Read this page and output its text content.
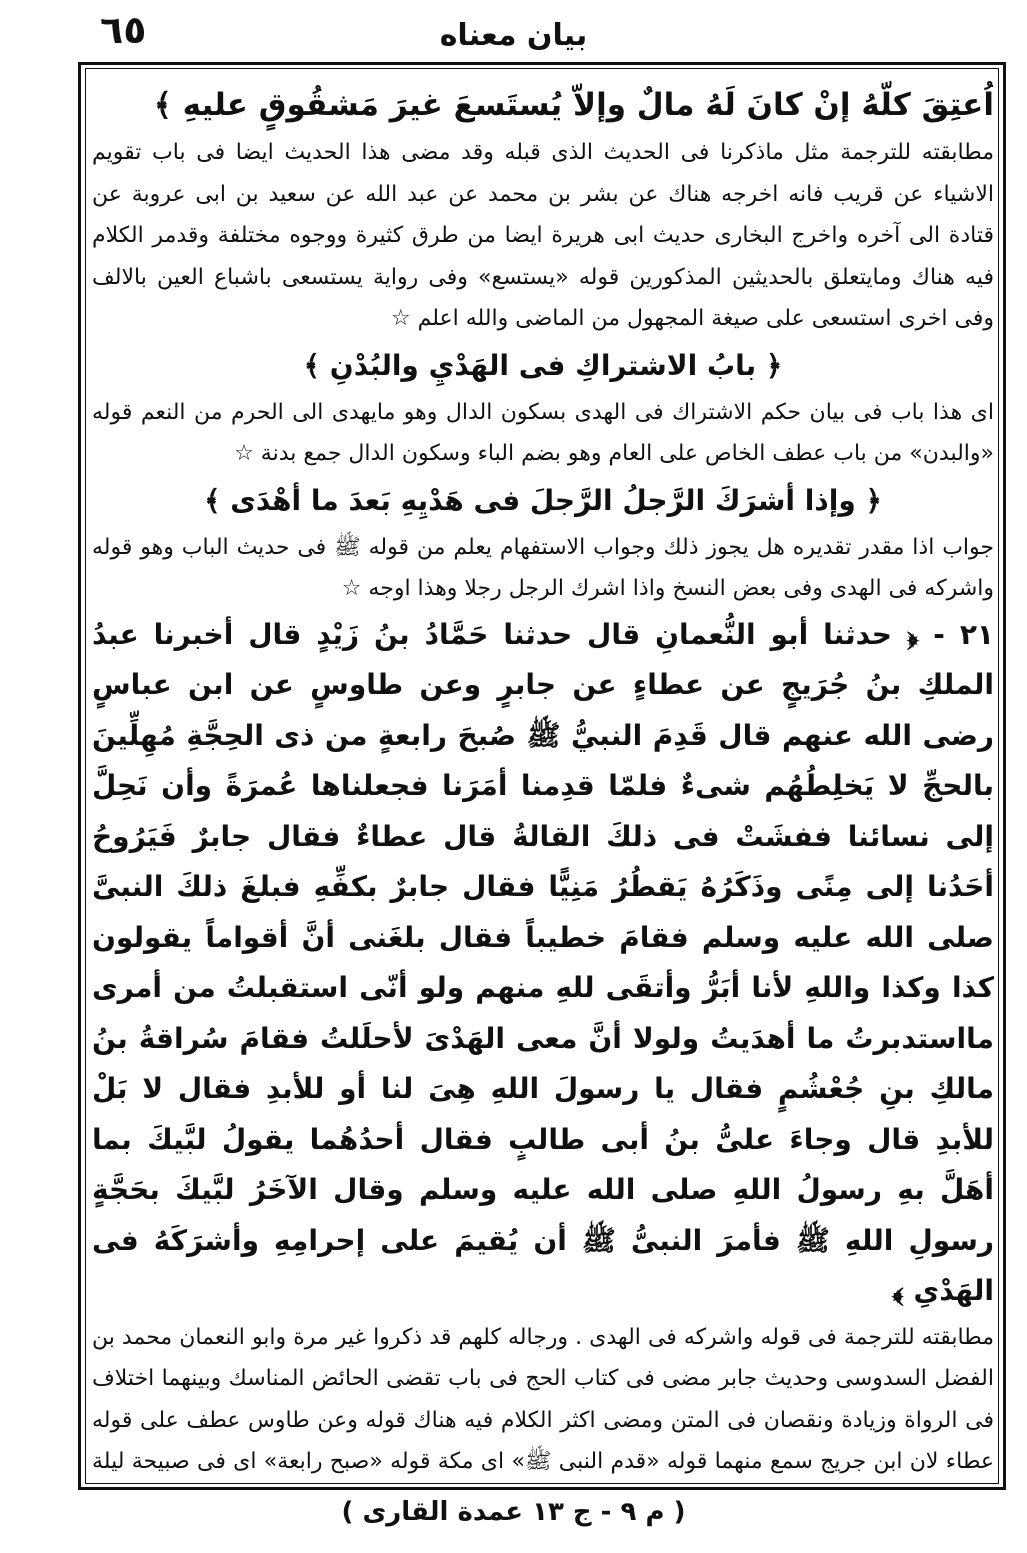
٦٥	بيان معناه

اُعتِقَ كلّهُ إنْ كانَ لَهُ مالٌ وإلاّ يُستَسعَ غيرَ مَشقُوقٍ عليهِ ﴾

مطابقته للترجمة مثل ماذكرنا فى الحديث الذى قبله وقد مضى هذا الحديث ايضا فى باب تقويم الاشياء عن قريب فانه اخرجه هناك عن بشر بن محمد عن عبد الله عن سعيد بن ابى عروبة عن قتادة الى آخره واخرج البخارى حديث ابى هريرة ايضا من طرق كثيرة ووجوه مختلفة وقدمر الكلام فيه هناك ومايتعلق بالحديثين المذكورين قوله «يستسع» وفى رواية يستسعى باشباع العين بالالف وفى اخرى استسعى على صيغة المجهول من الماضى والله اعلم ☆

﴿ بابُ الاشتراكِ فى الهَدْيِ والبُدْنِ ﴾

اى هذا باب فى بيان حكم الاشتراك فى الهدى بسكون الدال وهو مايهدى الى الحرم من النعم قوله «والبدن» من باب عطف الخاص على العام وهو بضم الباء وسكون الدال جمع بدنة ☆

﴿ وإذا أشرَكَ الرَّجلُ الرَّجلَ فى هَدْيِهِ بَعدَ ما أهْدَى ﴾

جواب اذا مقدر تقديره هل يجوز ذلك وجواب الاستفهام يعلم من قوله ﷺ فى حديث الباب وهو قوله واشركه فى الهدى وفى بعض النسخ واذا اشرك الرجل رجلا وهذا اوجه ☆

٢١ - ﴿ حدثنا أبو النُّعمانِ قال حدثنا حَمَّادُ بنُ زَيْدٍ قال أخبرنا عبدُ الملكِ بنُ جُرَيجٍ عن عطاءٍ عن جابرٍ وعن طاوسٍ عن ابن عباسٍ رضى الله عنهم قال قَدِمَ النبيُّ ﷺ صُبحَ رابعةٍ من ذى الحِجَّةِ مُهِلِّينَ بالحجِّ لا يَخلِطُهُم شىءٌ فلمّا قدِمنا أمَرَنا فجعلناها عُمرَةً وأن نَحِلَّ إلى نسائنا ففشَتْ فى ذلكَ القالةُ قال عطاءٌ فقال جابرٌ فَيَرُوحُ أحَدُنا إلى مِنًى وذَكَرُهُ يَقطُرُ مَنِيًّا فقال جابرٌ بكفِّهِ فبلغَ ذلكَ النبىَّ صلى الله عليه وسلم فقامَ خطيباً فقال بلغَنى أنَّ أقواماً يقولون كذا وكذا واللهِ لأنا أبَرُّ وأتقَى للهِ منهم ولو أنّى استقبلتُ من أمرى مااستدبرتُ ما أهدَيتُ ولولا أنَّ معى الهَدْىَ لأحلَلتُ فقامَ سُراقةُ بنُ مالكِ بنِ جُعْشُمٍ فقال يا رسولَ اللهِ هِىَ لنا أو للأبدِ فقال لا بَلْ للأبدِ قال وجاءَ علىُّ بنُ أبى طالبٍ فقال أحدُهُما يقولُ لبَّيكَ بما أهَلَّ بهِ رسولُ اللهِ صلى الله عليه وسلم وقال الآخَرُ لبَّيكَ بحَجَّةٍ رسولِ اللهِ ﷺ فأمرَ النبىُّ ﷺ أن يُقيمَ على إحرامِهِ وأشرَكَهُ فى الهَدْىِ ﴾

مطابقته للترجمة فى قوله واشركه فى الهدى . ورجاله كلهم قد ذكروا غير مرة وابو النعمان محمد بن الفضل السدوسى وحديث جابر مضى فى كتاب الحج فى باب تقضى الحائض المناسك وبينهما اختلاف فى الرواة وزيادة ونقصان فى المتن ومضى اكثر الكلام فيه هناك قوله وعن طاوس عطف على قوله عطاء لان ابن جريج سمع منهما قوله «قدم النبى ﷺ» اى مكة قوله «صبح رابعة» اى فى صبيحة ليلة

( م ٩ - ج ١٣ عمدة القارى )
